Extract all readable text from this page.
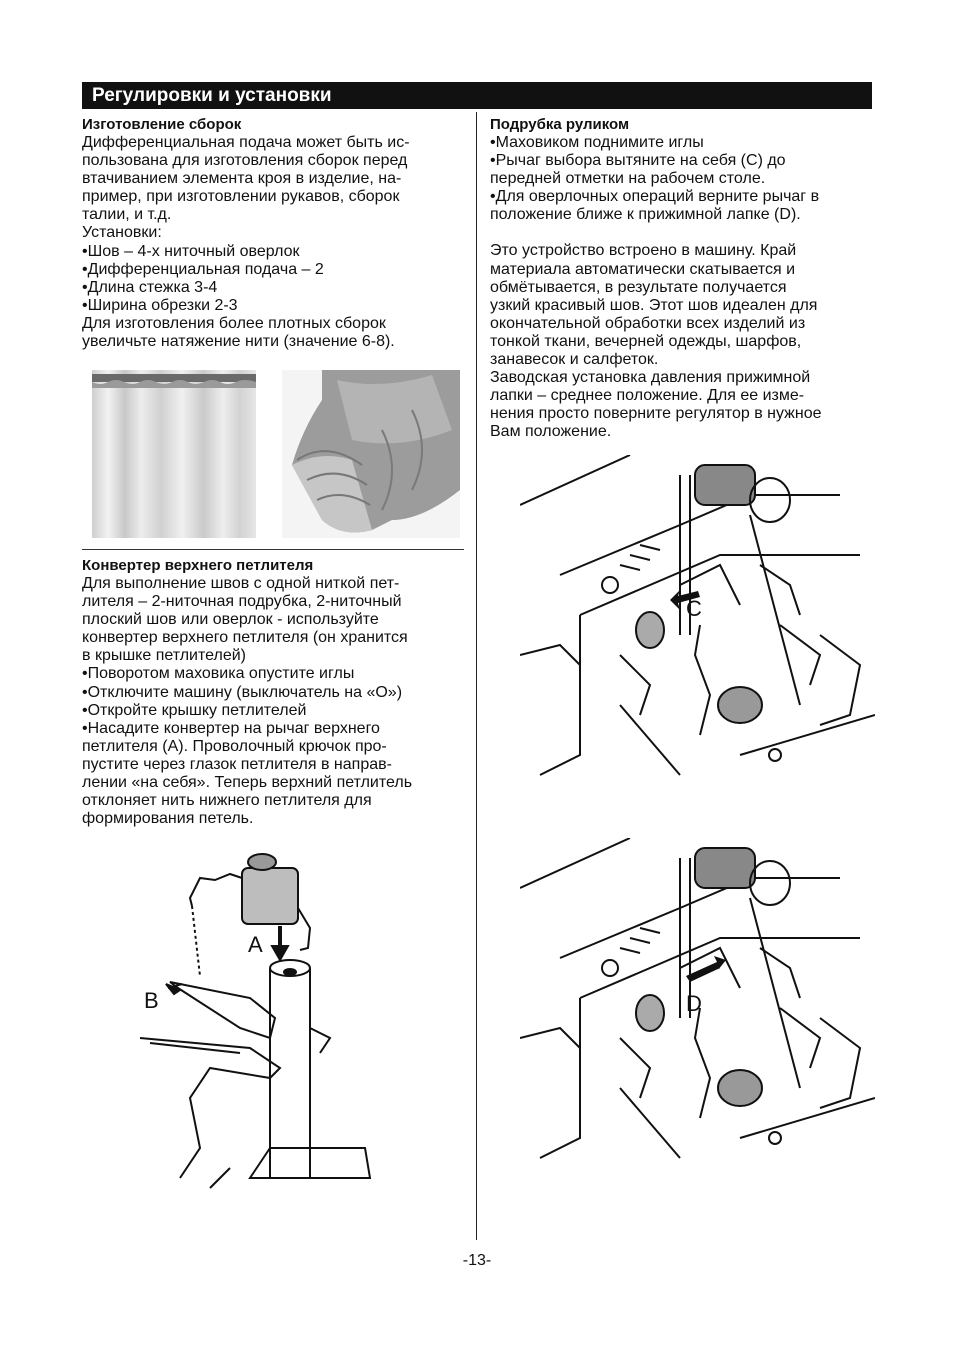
Регулировки и установки
Изготовление сборок

Дифференциальная подача может быть ис-
пользована для изготовления сборок перед
втачиванием элемента кроя в изделие, на-
пример, при изготовлении рукавов, сборок
талии, и т.д.

Установки:

• Шов – 4-х ниточный оверлок

• Дифференциальная подача – 2

• Длина стежка 3-4

• Ширина обрезки 2-3

Для изготовления более плотных сборок
увеличьте натяжение нити (значение 6-8).

Конвертер верхнего петлителя

Для выполнение швов с одной ниткой пет-
лителя – 2-ниточная подрубка, 2-ниточный
плоский шов или оверлок - используйте
конвертер верхнего петлителя (он хранится
в крышке петлителей)

• Поворотом маховика опустите иглы

• Отключите машину (выключатель на «О»)

• Откройте крышку петлителей

• Насадите конвертер на рычаг верхнего
петлителя (А). Проволочный крючок про-
пустите через глазок петлителя в направ-
лении «на себя». Теперь верхний петлитель
отклоняет нить нижнего петлителя для
формирования петель.

A
B
Подрубка руликом

• Маховиком поднимите иглы

• Рычаг выбора вытяните на себя (С) до
передней отметки на рабочем столе.

• Для оверлочных операций верните рычаг в
положение ближе к прижимной лапке (D).

Это устройство встроено в машину. Край
материала автоматически скатывается и
обмётывается, в результате получается
узкий красивый шов. Этот шов идеален для
окончательной обработки всех изделий из
тонкой ткани, вечерней одежды, шарфов,
занавесок и салфеток.

Заводская установка давления прижимной
лапки – среднее положение. Для ее изме-
нения просто поверните регулятор в нужное
Вам положение.

C
D
-13-
